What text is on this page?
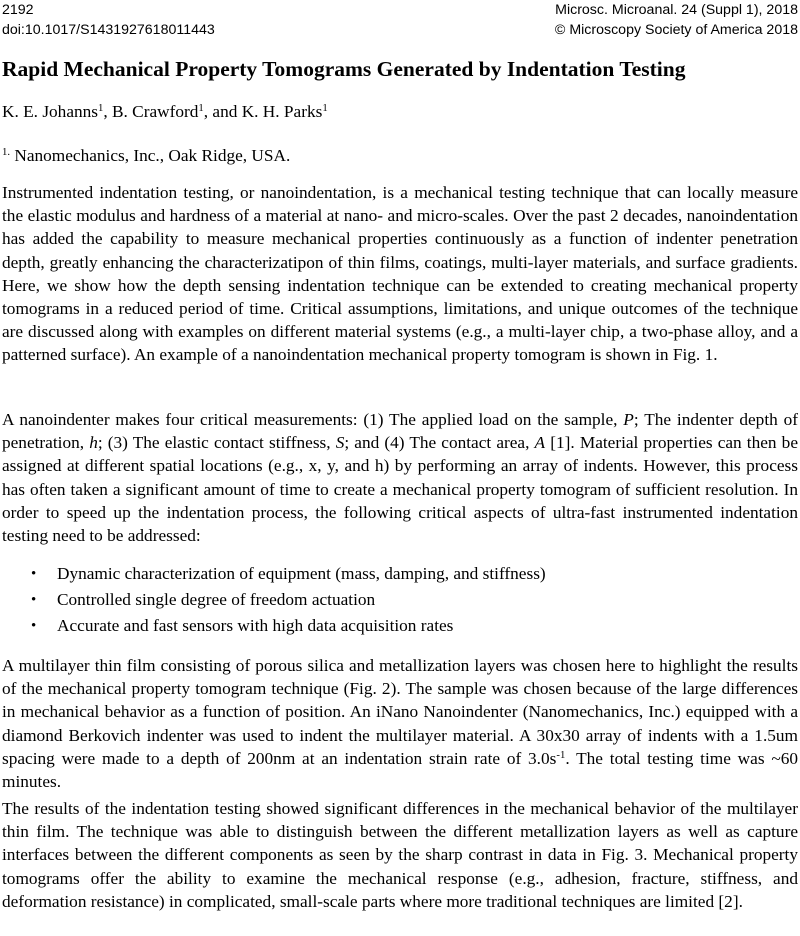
2192	Microsc. Microanal. 24 (Suppl 1), 2018
doi:10.1017/S1431927618011443	© Microscopy Society of America 2018
Rapid Mechanical Property Tomograms Generated by Indentation Testing
K. E. Johanns$^1$, B. Crawford$^1$, and K. H. Parks$^1$
$^{1.}$ Nanomechanics, Inc., Oak Ridge, USA.

Instrumented indentation testing, or nanoindentation, is a mechanical testing technique that can locally measure the elastic modulus and hardness of a material at nano- and micro-scales. Over the past 2 decades, nanoindentation has added the capability to measure mechanical properties continuously as a function of indenter penetration depth, greatly enhancing the characterizatipon of thin films, coatings, multi-layer materials, and surface gradients. Here, we show how the depth sensing indentation technique can be extended to creating mechanical property tomograms in a reduced period of time. Critical assumptions, limitations, and unique outcomes of the technique are discussed along with examples on different material systems (e.g., a multi-layer chip, a two-phase alloy, and a patterned surface). An example of a nanoindentation mechanical property tomogram is shown in Fig. 1.

A nanoindenter makes four critical measurements: (1) The applied load on the sample, P; The indenter depth of penetration, h; (3) The elastic contact stiffness, S; and (4) The contact area, A [1]. Material properties can then be assigned at different spatial locations (e.g., x, y, and h) by performing an array of indents. However, this process has often taken a significant amount of time to create a mechanical property tomogram of sufficient resolution. In order to speed up the indentation process, the following critical aspects of ultra-fast instrumented indentation testing need to be addressed:

• Dynamic characterization of equipment (mass, damping, and stiffness)
• Controlled single degree of freedom actuation
• Accurate and fast sensors with high data acquisition rates

A multilayer thin film consisting of porous silica and metallization layers was chosen here to highlight the results of the mechanical property tomogram technique (Fig. 2). The sample was chosen because of the large differences in mechanical behavior as a function of position. An iNano Nanoindenter (Nanomechanics, Inc.) equipped with a diamond Berkovich indenter was used to indent the multilayer material. A 30x30 array of indents with a 1.5um spacing were made to a depth of 200nm at an indentation strain rate of $3.0s^{-1}$. The total testing time was ~60 minutes.

The results of the indentation testing showed significant differences in the mechanical behavior of the multilayer thin film. The technique was able to distinguish between the different metallization layers as well as capture interfaces between the different components as seen by the sharp contrast in data in Fig. 3. Mechanical property tomograms offer the ability to examine the mechanical response (e.g., adhesion, fracture, stiffness, and deformation resistance) in complicated, small-scale parts where more traditional techniques are limited [2].
